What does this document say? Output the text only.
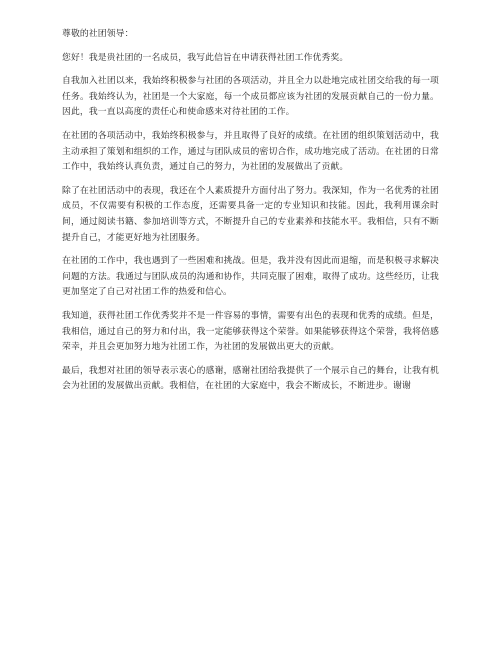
尊敬的社团领导：

您好！我是贵社团的一名成员，我写此信旨在申请获得社团工作优秀奖。

自我加入社团以来，我始终积极参与社团的各项活动，并且全力以赴地完成社团交给我的每一项任务。我始终认为，社团是一个大家庭，每一个成员都应该为社团的发展贡献自己的一份力量。因此，我一直以高度的责任心和使命感来对待社团的工作。

在社团的各项活动中，我始终积极参与，并且取得了良好的成绩。在社团的组织策划活动中，我主动承担了策划和组织的工作，通过与团队成员的密切合作，成功地完成了活动。在社团的日常工作中，我始终认真负责，通过自己的努力，为社团的发展做出了贡献。

除了在社团活动中的表现，我还在个人素质提升方面付出了努力。我深知，作为一名优秀的社团成员，不仅需要有积极的工作态度，还需要具备一定的专业知识和技能。因此，我利用课余时间，通过阅读书籍、参加培训等方式，不断提升自己的专业素养和技能水平。我相信，只有不断提升自己，才能更好地为社团服务。

在社团的工作中，我也遇到了一些困难和挑战。但是，我并没有因此而退缩，而是积极寻求解决问题的方法。我通过与团队成员的沟通和协作，共同克服了困难，取得了成功。这些经历，让我更加坚定了自己对社团工作的热爱和信心。

我知道，获得社团工作优秀奖并不是一件容易的事情，需要有出色的表现和优秀的成绩。但是，我相信，通过自己的努力和付出，我一定能够获得这个荣誉。如果能够获得这个荣誉，我将倍感荣幸，并且会更加努力地为社团工作，为社团的发展做出更大的贡献。

最后，我想对社团的领导表示衷心的感谢，感谢社团给我提供了一个展示自己的舞台，让我有机会为社团的发展做出贡献。我相信，在社团的大家庭中，我会不断成长，不断进步。谢谢
